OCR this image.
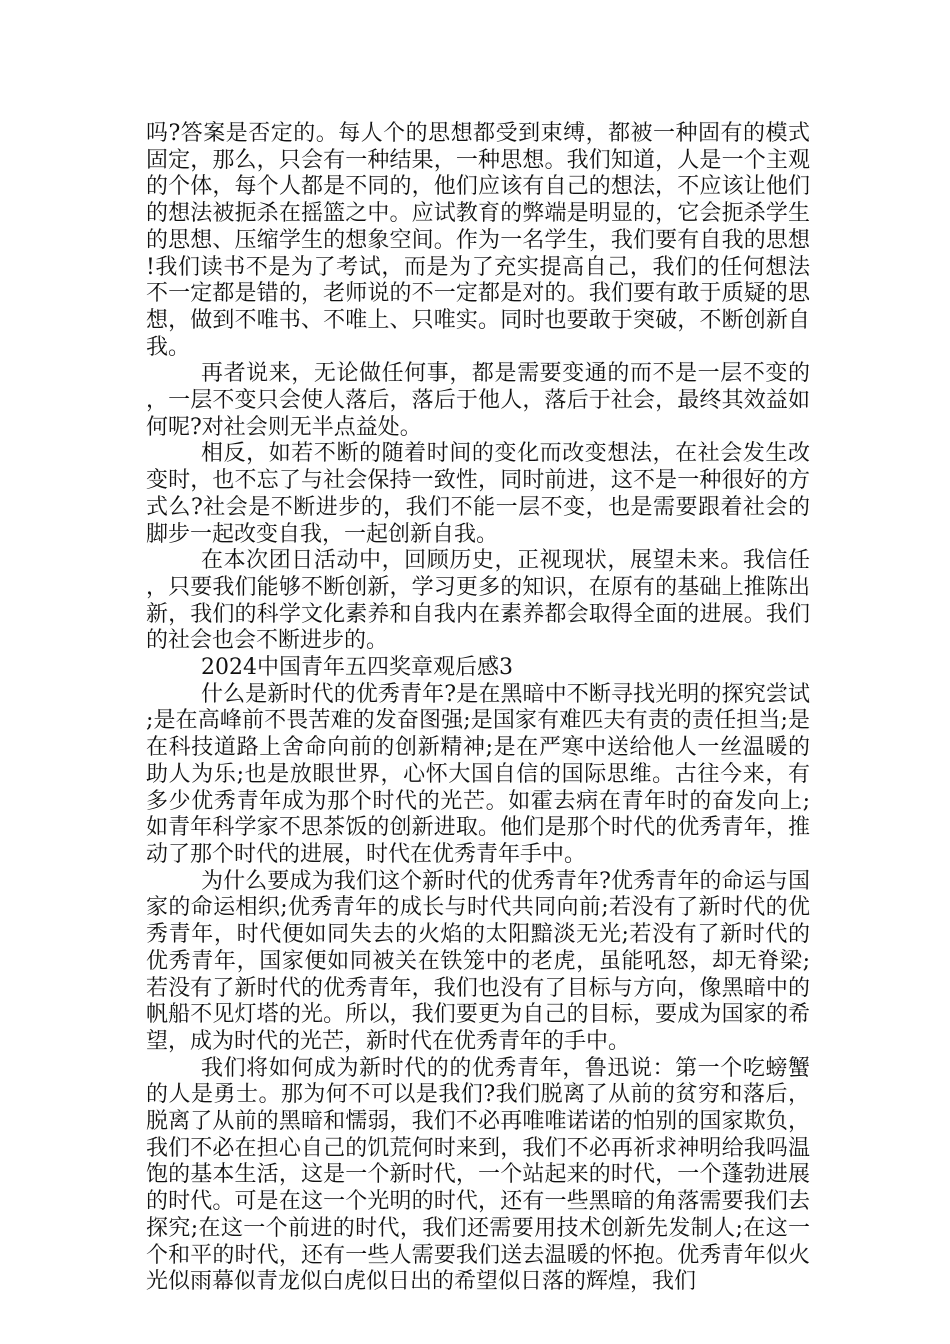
吗?答案是否定的。每人个的思想都受到束缚，都被一种固有的模式固定，那么，只会有一种结果，一种思想。我们知道，人是一个主观的个体，每个人都是不同的，他们应该有自己的想法，不应该让他们的想法被扼杀在摇篮之中。应试教育的弊端是明显的，它会扼杀学生的思想、压缩学生的想象空间。作为一名学生，我们要有自我的思想!我们读书不是为了考试，而是为了充实提高自己，我们的任何想法不一定都是错的，老师说的不一定都是对的。我们要有敢于质疑的思想，做到不唯书、不唯上、只唯实。同时也要敢于突破，不断创新自我。

再者说来，无论做任何事，都是需要变通的而不是一层不变的，一层不变只会使人落后，落后于他人，落后于社会，最终其效益如何呢?对社会则无半点益处。

相反，如若不断的随着时间的变化而改变想法，在社会发生改变时，也不忘了与社会保持一致性，同时前进，这不是一种很好的方式么?社会是不断进步的，我们不能一层不变，也是需要跟着社会的脚步一起改变自我，一起创新自我。

在本次团日活动中，回顾历史，正视现状，展望未来。我信任，只要我们能够不断创新，学习更多的知识，在原有的基础上推陈出新，我们的科学文化素养和自我内在素养都会取得全面的进展。我们的社会也会不断进步的。

2024中国青年五四奖章观后感3

什么是新时代的优秀青年?是在黑暗中不断寻找光明的探究尝试;是在高峰前不畏苦难的发奋图强;是国家有难匹夫有责的责任担当;是在科技道路上舍命向前的创新精神;是在严寒中送给他人一丝温暖的助人为乐;也是放眼世界，心怀大国自信的国际思维。古往今来，有多少优秀青年成为那个时代的光芒。如霍去病在青年时的奋发向上;如青年科学家不思茶饭的创新进取。他们是那个时代的优秀青年，推动了那个时代的进展，时代在优秀青年手中。

为什么要成为我们这个新时代的优秀青年?优秀青年的命运与国家的命运相织;优秀青年的成长与时代共同向前;若没有了新时代的优秀青年，时代便如同失去的火焰的太阳黯淡无光;若没有了新时代的优秀青年，国家便如同被关在铁笼中的老虎，虽能吼怒，却无脊梁;若没有了新时代的优秀青年，我们也没有了目标与方向，像黑暗中的帆船不见灯塔的光。所以，我们要更为自己的目标，要成为国家的希望，成为时代的光芒，新时代在优秀青年的手中。

我们将如何成为新时代的的优秀青年，鲁迅说：第一个吃螃蟹的人是勇士。那为何不可以是我们?我们脱离了从前的贫穷和落后，脱离了从前的黑暗和懦弱，我们不必再唯唯诺诺的怕别的国家欺负，我们不必在担心自己的饥荒何时来到，我们不必再祈求神明给我吗温饱的基本生活，这是一个新时代，一个站起来的时代，一个蓬勃进展的时代。可是在这一个光明的时代，还有一些黑暗的角落需要我们去探究;在这一个前进的时代，我们还需要用技术创新先发制人;在这一个和平的时代，还有一些人需要我们送去温暖的怀抱。优秀青年似火光似雨幕似青龙似白虎似日出的希望似日落的辉煌，我们
